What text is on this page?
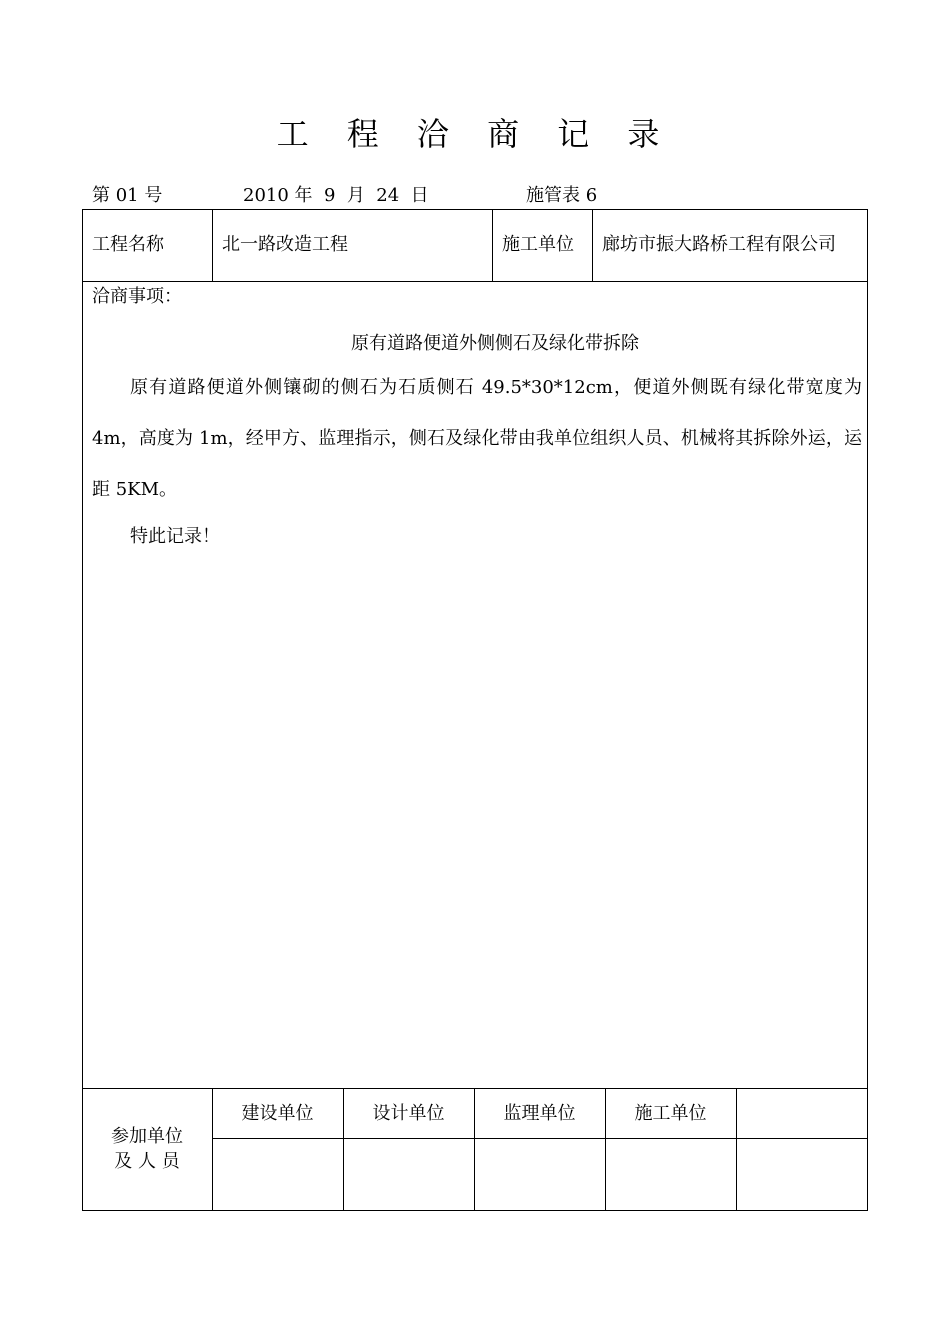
工 程 洽 商 记 录
第 01 号	2010 年  9  月  24  日	施管表 6
工程名称	北一路改造工程	施工单位 廊坊市振大路桥工程有限公司
洽商事项：
原有道路便道外侧侧石及绿化带拆除

原有道路便道外侧镶砌的侧石为石质侧石 49.5*30*12cm，便道外侧既有绿化带宽度为4m，高度为 1m，经甲方、监理指示，侧石及绿化带由我单位组织人员、机械将其拆除外运，运距 5KM。

特此记录！

参加单位
及 人 员
建设单位	设计单位	监理单位	施工单位
